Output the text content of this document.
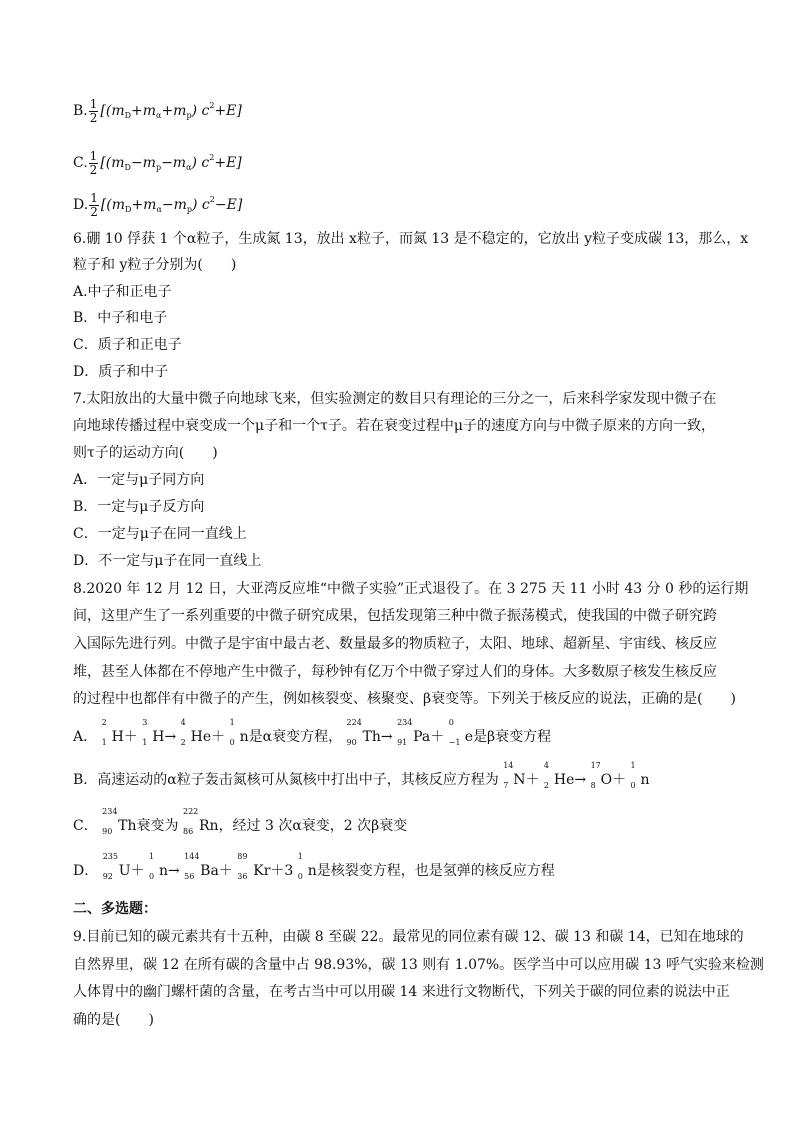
B. $\frac{1}{2} [(m_D+m_\alpha+m_p)$ $c^2+E$]
C. $\frac{1}{2} [(m_D-m_p-m_\alpha)$ $c^2+E$]
D. $\frac{1}{2} [(m_D+m_\alpha-m_p)$ $c^2-E$]
6.硼 10 俘获 1 个α粒子，生成氮 13，放出 x粒子，而氮 13 是不稳定的，它放出 y粒子变成碳 13，那么，x
粒子和 y粒子分别为(　　)
A.中子和正电子
B．中子和电子
C．质子和正电子
D．质子和中子
7.太阳放出的大量中微子向地球飞来，但实验测定的数目只有理论的三分之一，后来科学家发现中微子在
向地球传播过程中衰变成一个μ子和一个τ子。若在衰变过程中μ子的速度方向与中微子原来的方向一致，
则τ子的运动方向(　　)
A．一定与μ子同方向
B．一定与μ子反方向
C．一定与μ子在同一直线上
D．不一定与μ子在同一直线上
8.2020 年 12 月 12 日，大亚湾反应堆“中微子实验”正式退役了。在 3 275 天 11 小时 43 分 0 秒的运行期
间，这里产生了一系列重要的中微子研究成果，包括发现第三种中微子振荡模式，使我国的中微子研究跨
入国际先进行列。中微子是宇宙中最古老、数量最多的物质粒子，太阳、地球、超新星、宇宙线、核反应
堆，甚至人体都在不停地产生中微子，每秒钟有亿万个中微子穿过人们的身体。大多数原子核发生核反应
的过程中也都伴有中微子的产生，例如核裂变、核聚变、β衰变等。下列关于核反应的说法，正确的是(　　)
A．
2
1 H＋
3
1 H→
4
2 He＋
1
0 n是α衰变方程，
224
90 Th→
234
91 Pa＋
0
−1 e是β衰变方程
B．高速运动的α粒子轰击氮核可从氮核中打出中子，其核反应方程为
14
7 N＋
4
2 He→
17
8 O＋
1
0 n
C．
234
90 Th衰变为
222
86 Rn，经过 3 次α衰变，2 次β衰变
D．
235
92 U＋
1
0 n→
144
56 Ba＋
89
36 Kr＋3
1
0 n是核裂变方程，也是氢弹的核反应方程
二、多选题：
9.目前已知的碳元素共有十五种，由碳 8 至碳 22。最常见的同位素有碳 12、碳 13 和碳 14，已知在地球的
自然界里，碳 12 在所有碳的含量中占 98.93%，碳 13 则有 1.07%。医学当中可以应用碳 13 呼气实验来检测
人体胃中的幽门螺杆菌的含量，在考古当中可以用碳 14 来进行文物断代，下列关于碳的同位素的说法中正
确的是(　　)
